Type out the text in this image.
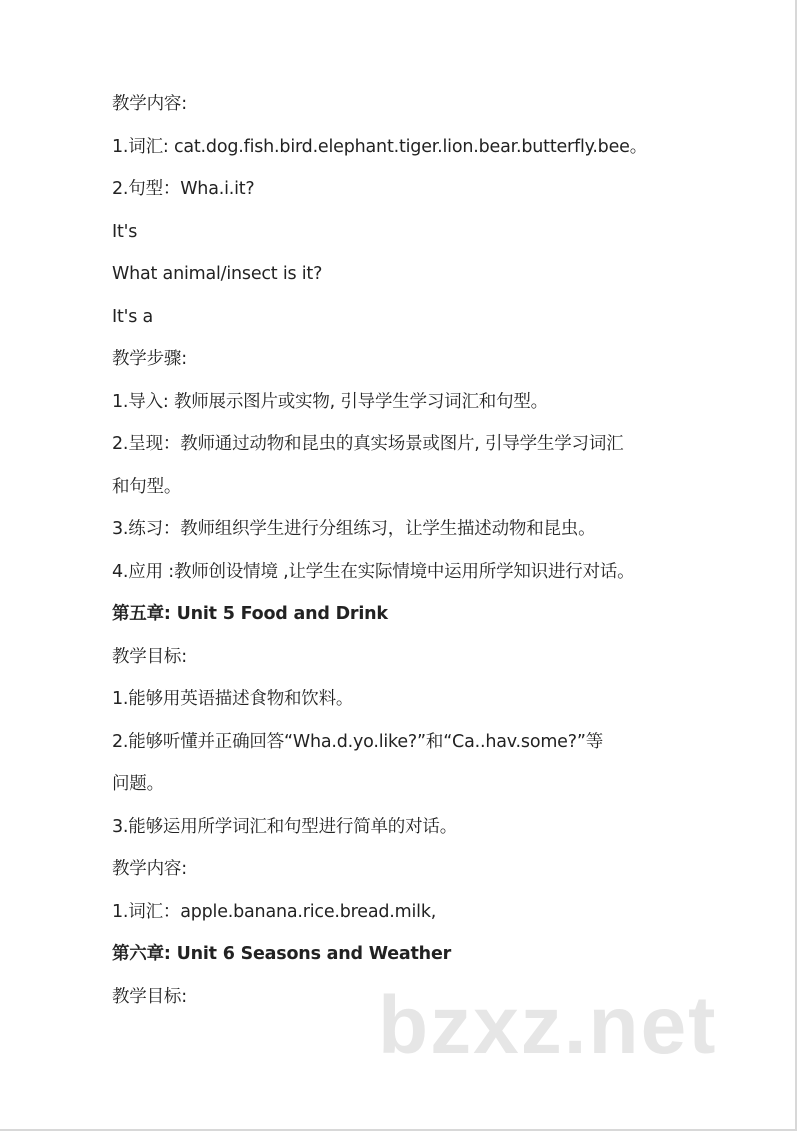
教学内容:
1.词汇: cat.dog.fish.bird.elephant.tiger.lion.bear.butterfly.bee。
2.句型：Wha.i.it?
It's
What animal/insect is it?
It's a
教学步骤:
1.导入: 教师展示图片或实物, 引导学生学习词汇和句型。
2.呈现：教师通过动物和昆虫的真实场景或图片, 引导学生学习词汇
和句型。
3.练习：教师组织学生进行分组练习，让学生描述动物和昆虫。
4.应用 :教师创设情境 ,让学生在实际情境中运用所学知识进行对话。
第五章: Unit 5 Food and Drink
教学目标:
1.能够用英语描述食物和饮料。
2.能够听懂并正确回答“Wha.d.yo.like?”和“Ca..hav.some?”等
问题。
3.能够运用所学词汇和句型进行简单的对话。
教学内容:
1.词汇：apple.banana.rice.bread.milk,
第六章: Unit 6 Seasons and Weather
教学目标:	bzxz.net
